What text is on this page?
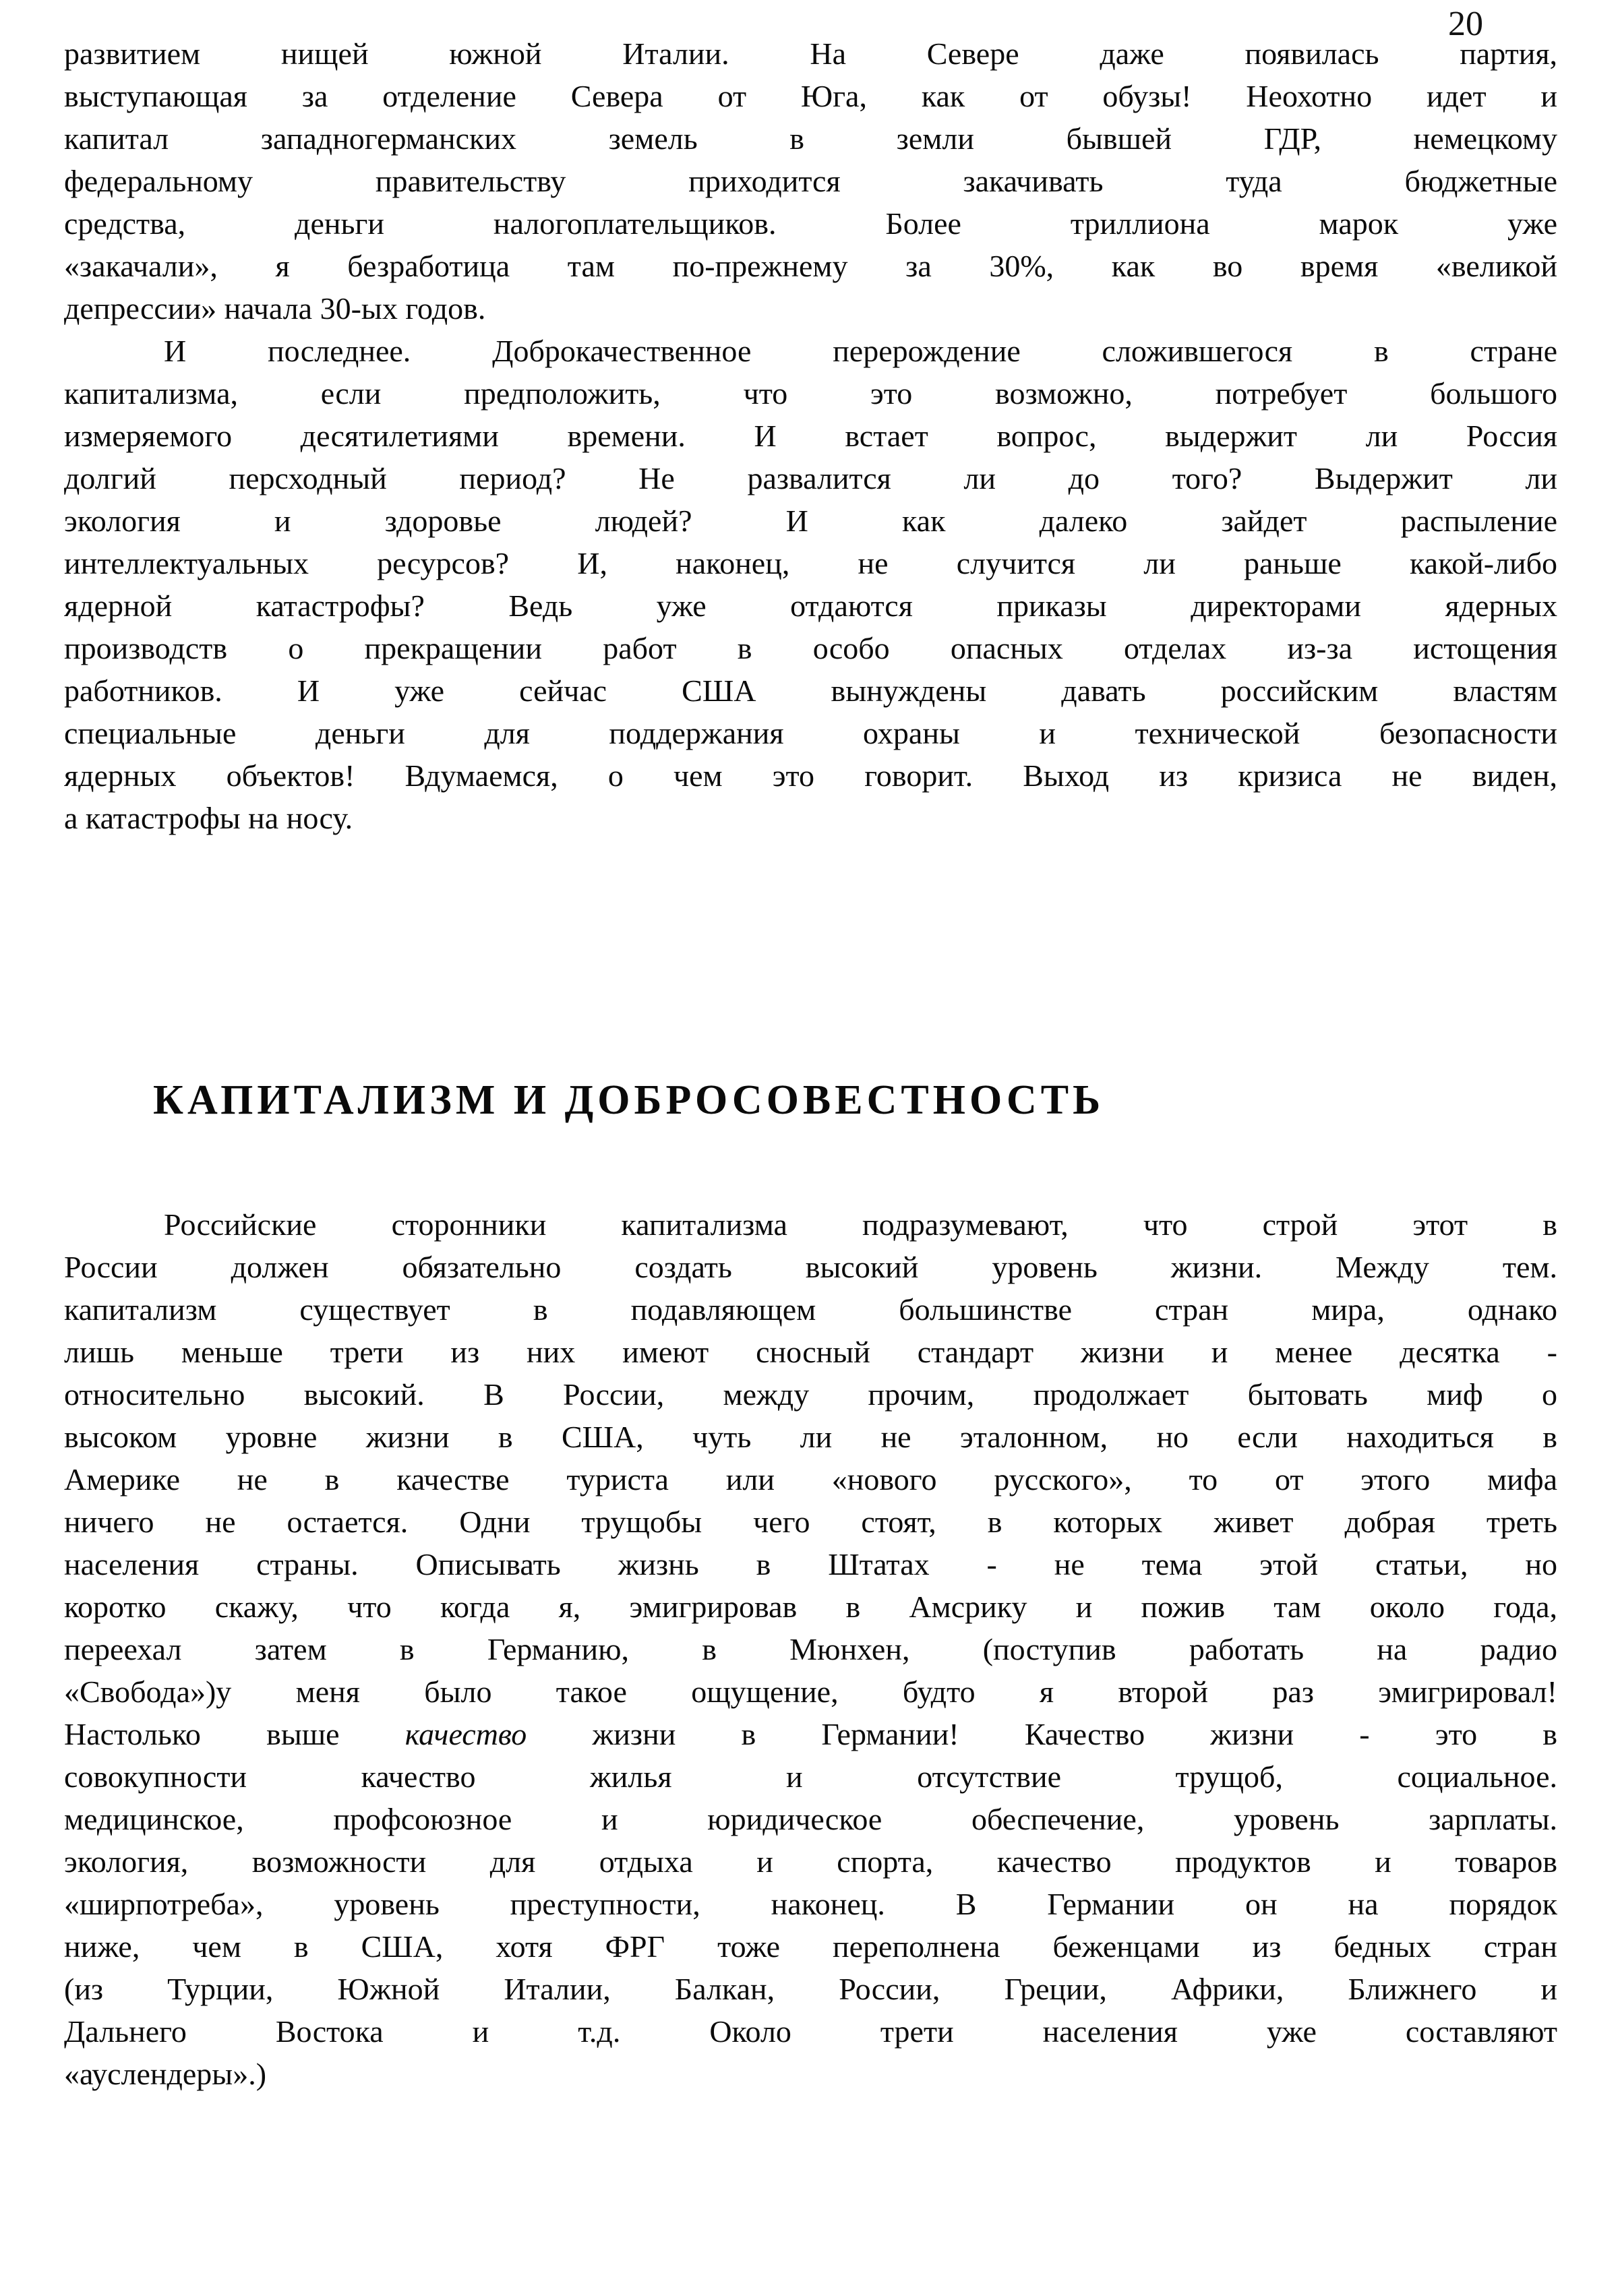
20
развитием нищей южной Италии. На Севере даже появилась партия,
выступающая за отделение Севера от Юга, как от обузы! Неохотно идет и
капитал западногерманских земель в земли бывшей ГДР, немецкому
федеральному правительству приходится закачивать туда бюджетные
средства, деньги налогоплательщиков. Более триллиона марок уже
«закачали», я безработица там по-прежнему за 30%, как во время «великой
депрессии» начала 30-ых годов.
И последнее. Доброкачественное перерождение сложившегося в стране
капитализма, если предположить, что это возможно, потребует большого
измеряемого десятилетиями времени. И встает вопрос, выдержит ли Россия
долгий персходный период? Не развалится ли до того? Выдержит ли
экология и здоровье людей? И как далеко зайдет распыление
интеллектуальных ресурсов? И, наконец, не случится ли раньше какой-либо
ядерной катастрофы? Ведь уже отдаются приказы директорами ядерных
производств о прекращении работ в особо опасных отделах из-за истощения
работников. И уже сейчас США вынуждены давать российским властям
специальные деньги для поддержания охраны и технической безопасности
ядерных объектов! Вдумаемся, о чем это говорит. Выход из кризиса не виден,
а катастрофы на носу.
КАПИТАЛИЗМ И ДОБРОСОВЕСТНОСТЬ
Российские сторонники капитализма подразумевают, что строй этот в
России должен обязательно создать высокий уровень жизни. Между тем.
капитализм существует в подавляющем большинстве стран мира, однако
лишь меньше трети из них имеют сносный стандарт жизни и менее десятка -
относительно высокий. В России, между прочим, продолжает бытовать миф о
высоком уровне жизни в США, чуть ли не эталонном, но если находиться в
Америке не в качестве туриста или «нового русского», то от этого мифа
ничего не остается. Одни трущобы чего стоят, в которых живет добрая треть
населения страны. Описывать жизнь в Штатах - не тема этой статьи, но
коротко скажу, что когда я, эмигрировав в Амсрику и пожив там около года,
переехал затем в Германию, в Мюнхен, (поступив работать на радио
«Свобода»)у меня было такое ощущение, будто я второй раз эмигрировал!
Настолько выше качество жизни в Германии! Качество жизни - это в
совокупности качество жилья и отсутствие трущоб, социальное.
медицинское, профсоюзное и юридическое обеспечение, уровень зарплаты.
экология, возможности для отдыха и спорта, качество продуктов и товаров
«ширпотреба», уровень преступности, наконец. В Германии он на порядок
ниже, чем в США, хотя ФРГ тоже переполнена беженцами из бедных стран
(из Турции, Южной Италии, Балкан, России, Греции, Африки, Ближнего и
Дальнего Востока и т.д. Около трети населения уже составляют
«ауслендеры».)
